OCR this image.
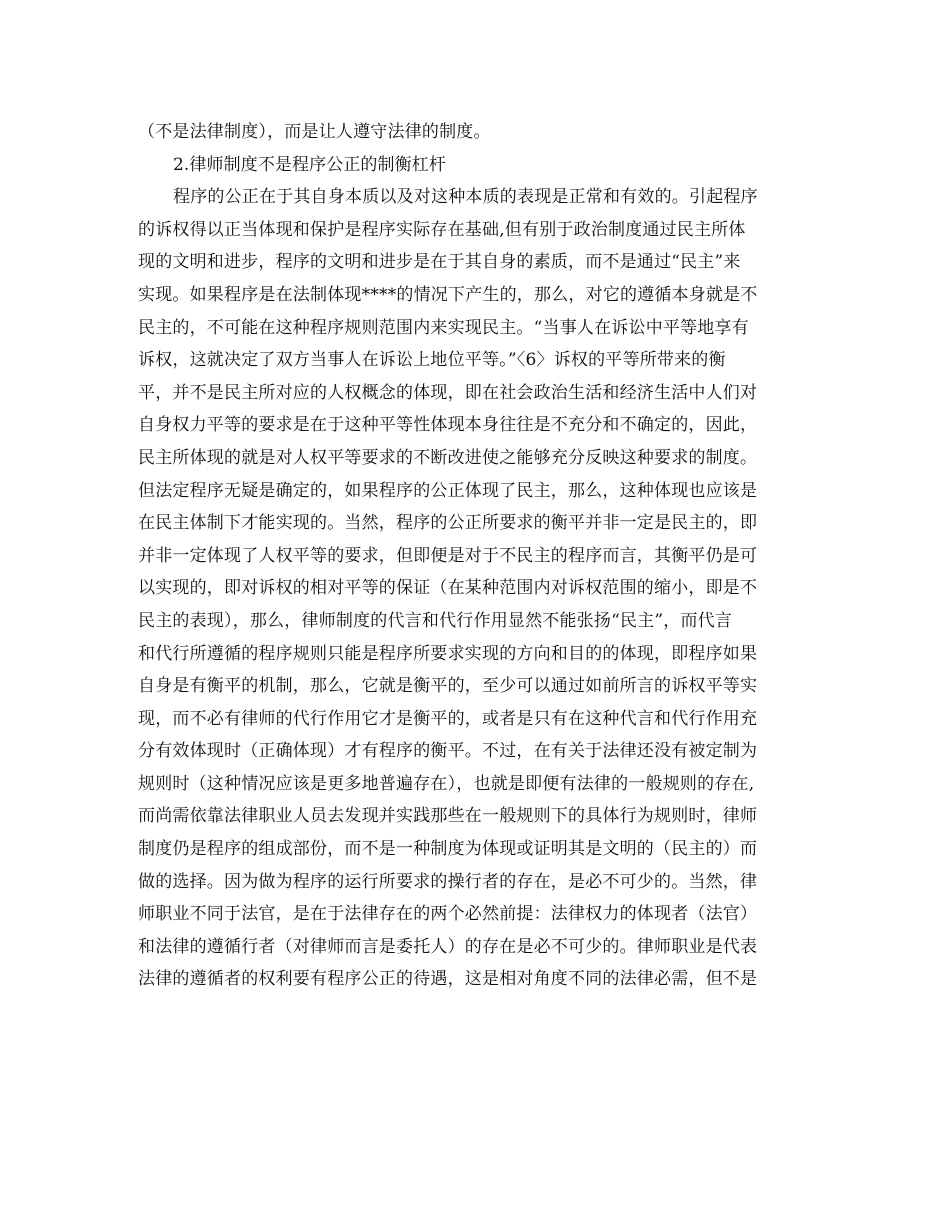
（不是法律制度），而是让人遵守法律的制度。
2.律师制度不是程序公正的制衡杠杆
程序的公正在于其自身本质以及对这种本质的表现是正常和有效的。引起程序
的诉权得以正当体现和保护是程序实际存在基础,但有别于政治制度通过民主所体
现的文明和进步，程序的文明和进步是在于其自身的素质，而不是通过“民主”来
实现。如果程序是在法制体现****的情况下产生的，那么，对它的遵循本身就是不
民主的，不可能在这种程序规则范围内来实现民主。“当事人在诉讼中平等地享有
诉权，这就决定了双方当事人在诉讼上地位平等。”〈6〉诉权的平等所带来的衡
平，并不是民主所对应的人权概念的体现，即在社会政治生活和经济生活中人们对
自身权力平等的要求是在于这种平等性体现本身往往是不充分和不确定的，因此，
民主所体现的就是对人权平等要求的不断改进使之能够充分反映这种要求的制度。
但法定程序无疑是确定的，如果程序的公正体现了民主，那么，这种体现也应该是
在民主体制下才能实现的。当然，程序的公正所要求的衡平并非一定是民主的，即
并非一定体现了人权平等的要求，但即便是对于不民主的程序而言，其衡平仍是可
以实现的，即对诉权的相对平等的保证（在某种范围内对诉权范围的缩小，即是不
民主的表现），那么，律师制度的代言和代行作用显然不能张扬“民主”，而代言
和代行所遵循的程序规则只能是程序所要求实现的方向和目的的体现，即程序如果
自身是有衡平的机制，那么，它就是衡平的，至少可以通过如前所言的诉权平等实
现，而不必有律师的代行作用它才是衡平的，或者是只有在这种代言和代行作用充
分有效体现时（正确体现）才有程序的衡平。不过，在有关于法律还没有被定制为
规则时（这种情况应该是更多地普遍存在），也就是即便有法律的一般规则的存在,
而尚需依靠法律职业人员去发现并实践那些在一般规则下的具体行为规则时，律师
制度仍是程序的组成部份，而不是一种制度为体现或证明其是文明的（民主的）而
做的选择。因为做为程序的运行所要求的操行者的存在，是必不可少的。当然，律
师职业不同于法官，是在于法律存在的两个必然前提：法律权力的体现者（法官）
和法律的遵循行者（对律师而言是委托人）的存在是必不可少的。律师职业是代表
法律的遵循者的权利要有程序公正的待遇，这是相对角度不同的法律必需，但不是
